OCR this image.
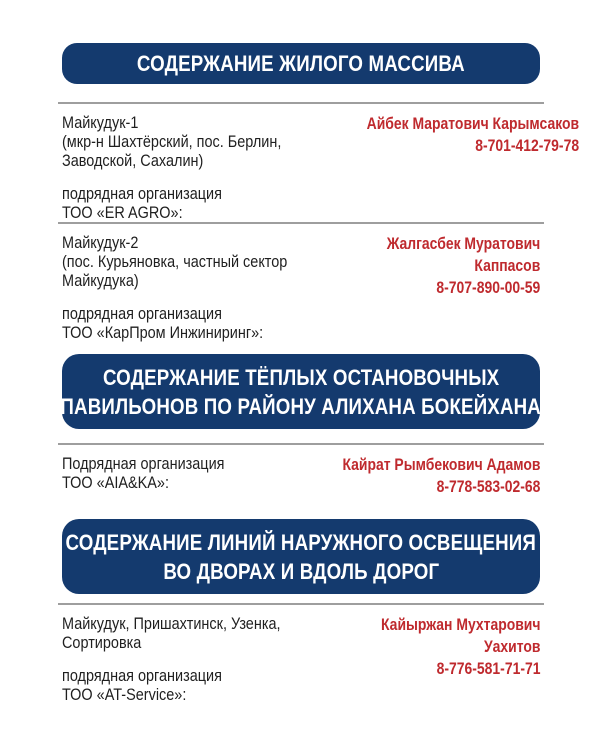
СОДЕРЖАНИЕ ЖИЛОГО МАССИВА
Майкудук-1
(мкр-н Шахтёрский, пос. Берлин,
Заводской, Сахалин)
подрядная организация
ТОО «ER AGRO»:
Айбек Маратович Карымсаков
8-701-412-79-78
Майкудук-2
(пос. Курьяновка, частный сектор
Майкудука)
подрядная организация
ТОО «КарПром Инжиниринг»:
Жалгасбек Муратович
Каппасов
8-707-890-00-59
СОДЕРЖАНИЕ ТЁПЛЫХ ОСТАНОВОЧНЫХ
ПАВИЛЬОНОВ ПО РАЙОНУ АЛИХАНА БОКЕЙХАНА
Подрядная организация
ТОО «AIA&KA»:
Кайрат Рымбекович Адамов
8-778-583-02-68
СОДЕРЖАНИЕ ЛИНИЙ НАРУЖНОГО ОСВЕЩЕНИЯ
ВО ДВОРАХ И ВДОЛЬ ДОРОГ
Майкудук, Пришахтинск, Узенка,
Сортировка
подрядная организация
ТОО «AT-Service»:
Кайыржан Мухтарович
Уахитов
8-776-581-71-71
